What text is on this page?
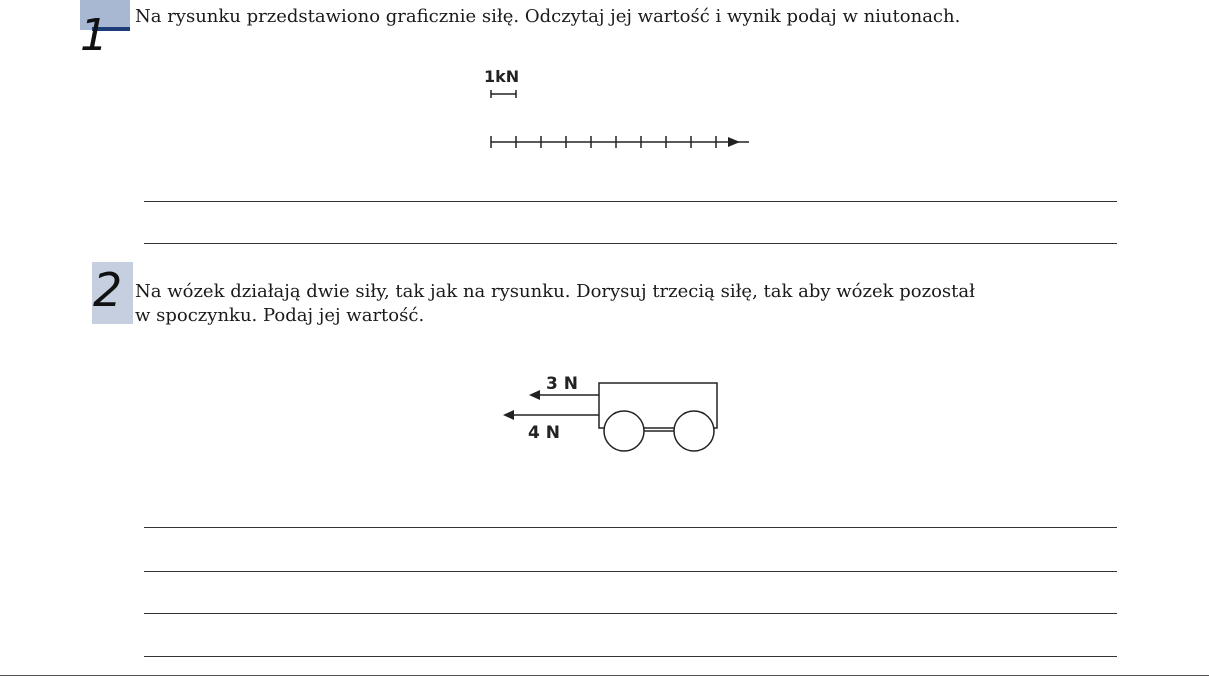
1 Na rysunku przedstawiono graficznie siłę. Odczytaj jej wartość i wynik podaj w niutonach.
1kN
2 Na wózek działają dwie siły, tak jak na rysunku. Dorysuj trzecią siłę, tak aby wózek pozostał
w spoczynku. Podaj jej wartość.
3 N
4 N
